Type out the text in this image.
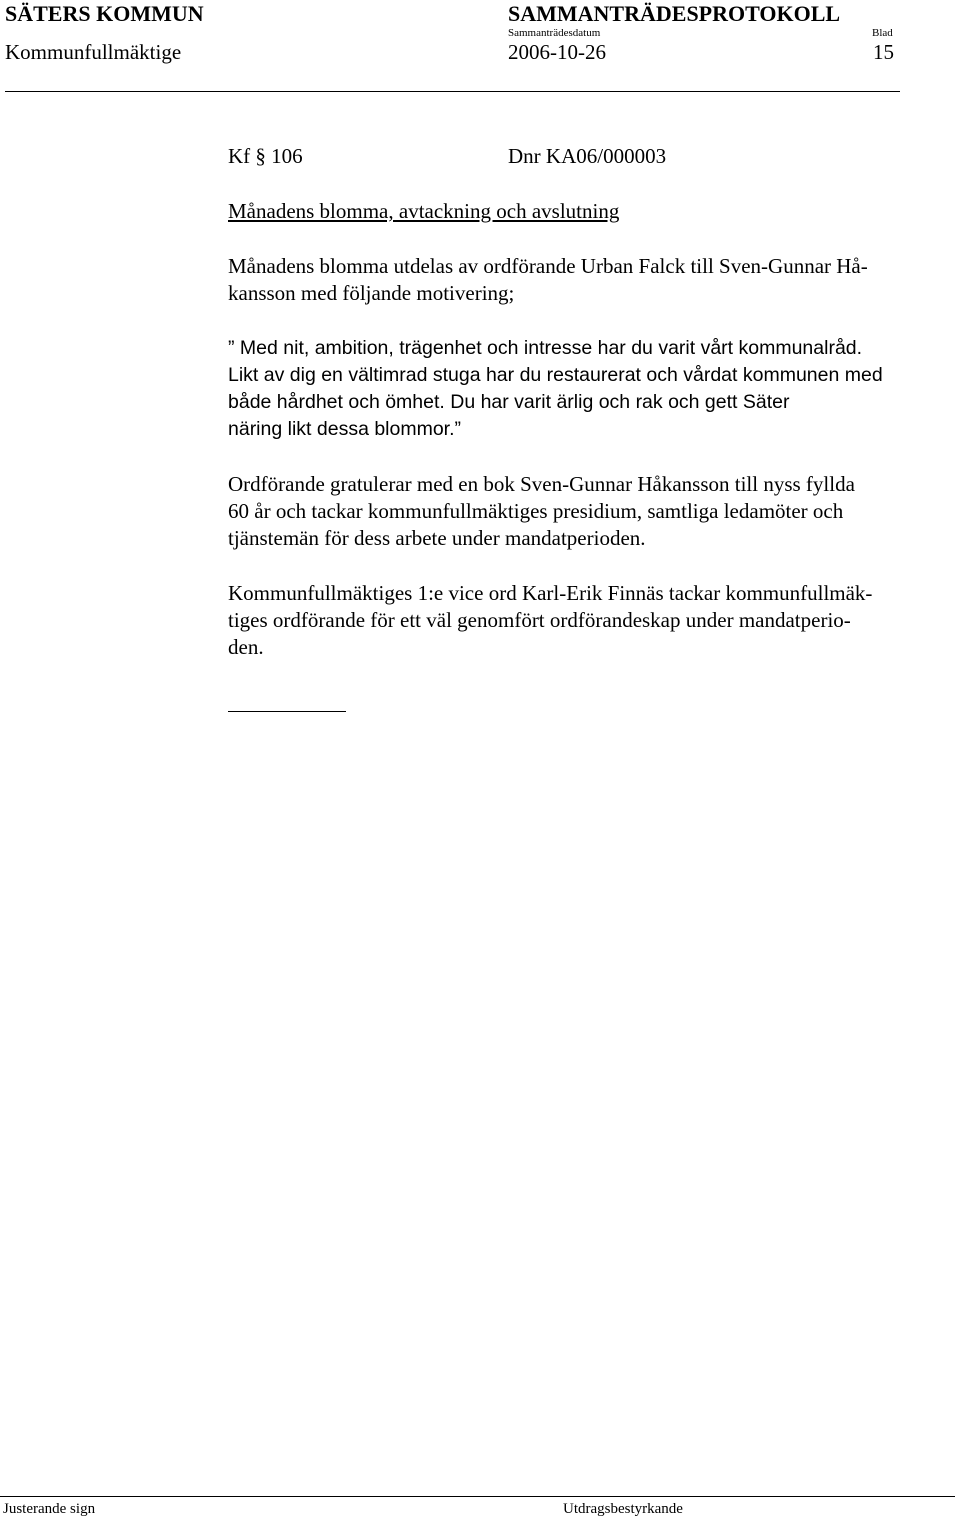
SÄTERS KOMMUN	SAMMANTRÄDESPROTOKOLL
Kommunfullmäktige
Sammanträdesdatum	Blad
2006-10-26	15
Kf § 106	Dnr KA06/000003
Månadens blomma, avtackning och avslutning
Månadens blomma utdelas av ordförande Urban Falck till Sven-Gunnar Hå-
kansson med följande motivering;
” Med nit, ambition, trägenhet och intresse har du varit vårt kommunalråd.
Likt av dig en vältimrad stuga har du restaurerat och vårdat kommunen med
både hårdhet och ömhet. Du har varit ärlig och rak och gett Säter
näring likt dessa blommor.”
Ordförande gratulerar med en bok Sven-Gunnar Håkansson till nyss fyllda
60 år och tackar kommunfullmäktiges presidium, samtliga ledamöter och
tjänstemän för dess arbete under mandatperioden.
Kommunfullmäktiges 1:e vice ord Karl-Erik Finnäs tackar kommunfullmäk-
tiges ordförande för ett väl genomfört ordförandeskap under mandatperio-
den.
Justerande sign	Utdragsbestyrkande
